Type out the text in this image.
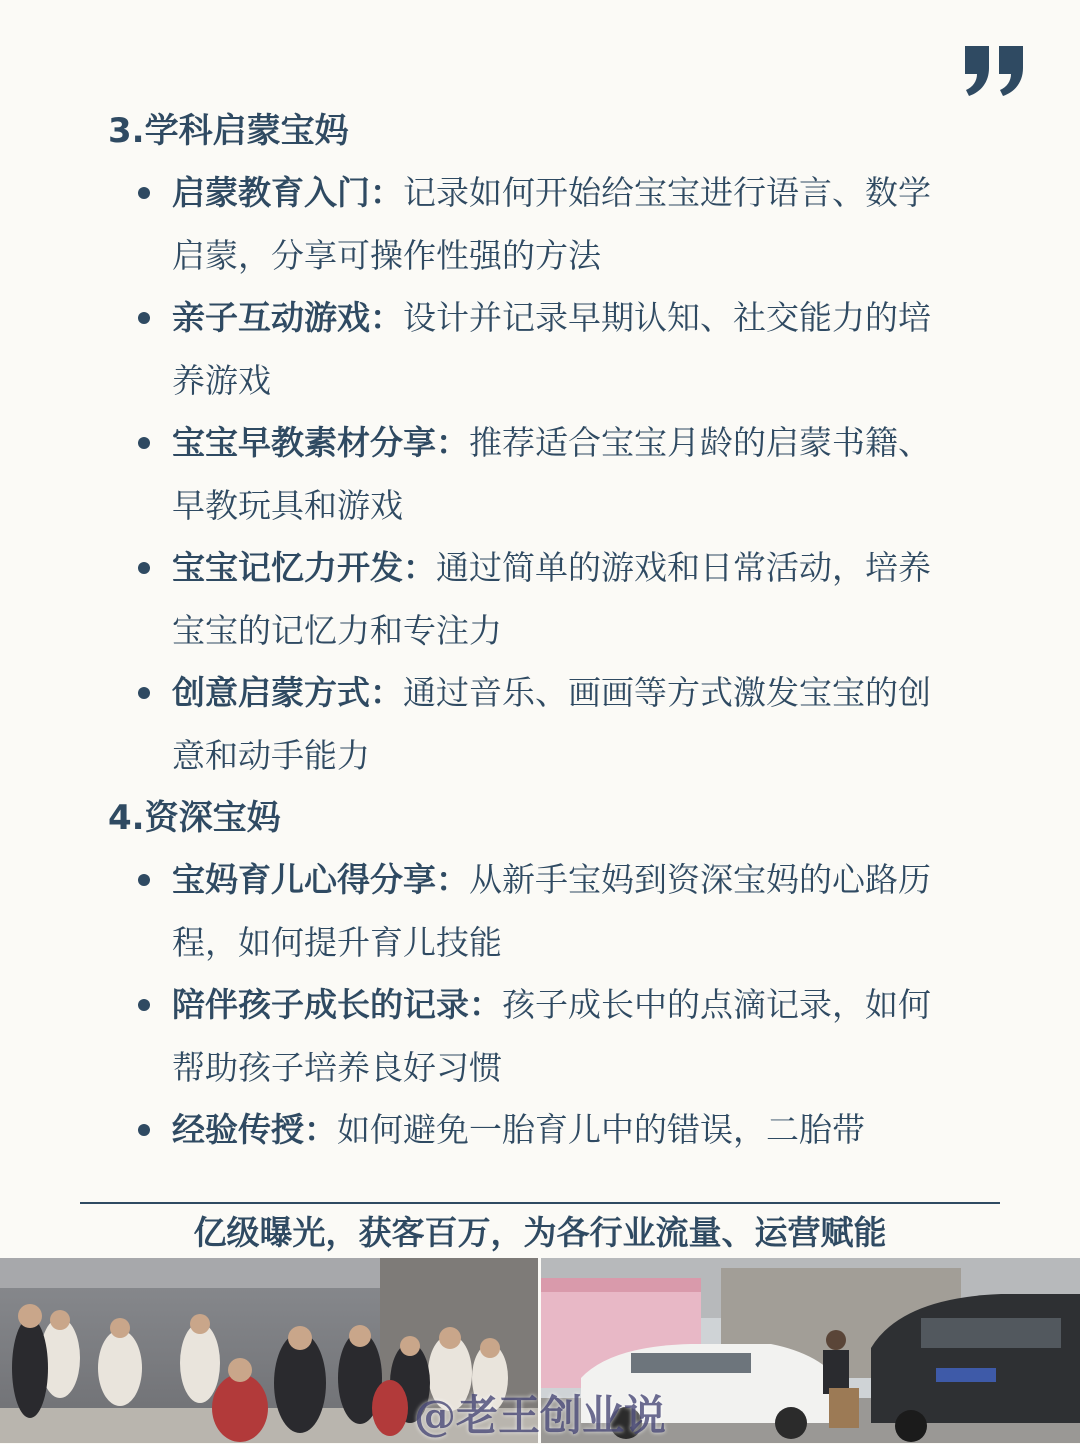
3.学科启蒙宝妈
启蒙教育入门：记录如何开始给宝宝进行语言、数学启蒙，分享可操作性强的方法
亲子互动游戏：设计并记录早期认知、社交能力的培养游戏
宝宝早教素材分享：推荐适合宝宝月龄的启蒙书籍、早教玩具和游戏
宝宝记忆力开发：通过简单的游戏和日常活动，培养宝宝的记忆力和专注力
创意启蒙方式：通过音乐、画画等方式激发宝宝的创意和动手能力
4.资深宝妈
宝妈育儿心得分享：从新手宝妈到资深宝妈的心路历程，如何提升育儿技能
陪伴孩子成长的记录：孩子成长中的点滴记录，如何帮助孩子培养良好习惯
经验传授：如何避免一胎育儿中的错误，二胎带
亿级曝光，获客百万，为各行业流量、运营赋能
@老王创业说
